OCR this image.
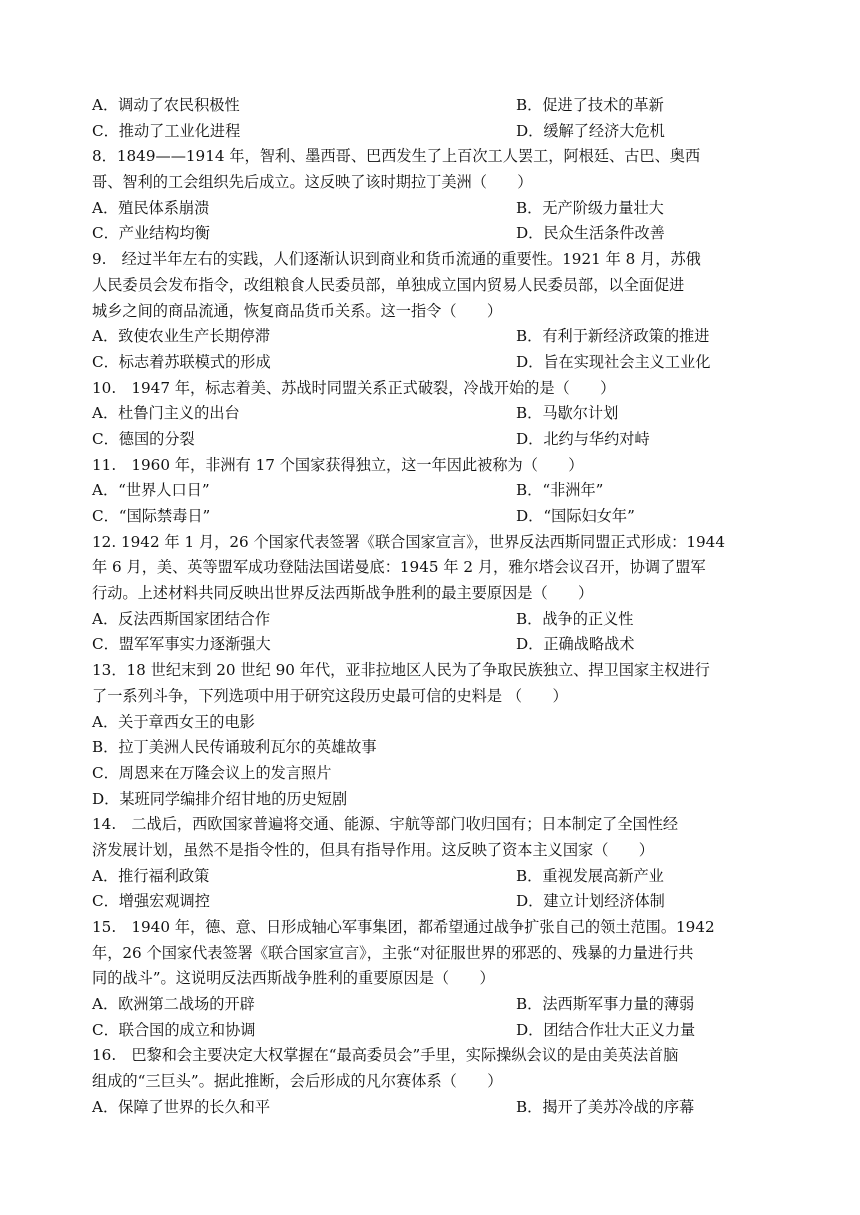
A．调动了农民积极性	B．促进了技术的革新
C．推动了工业化进程	D．缓解了经济大危机
8．1849——1914 年，智利、墨西哥、巴西发生了上百次工人罢工，阿根廷、古巴、奥西
哥、智利的工会组织先后成立。这反映了该时期拉丁美洲（　　）
A．殖民体系崩溃	B．无产阶级力量壮大
C．产业结构均衡	D．民众生活条件改善
9.　经过半年左右的实践，人们逐渐认识到商业和货币流通的重要性。1921 年 8 月，苏俄
人民委员会发布指令，改组粮食人民委员部，单独成立国内贸易人民委员部，以全面促进
城乡之间的商品流通，恢复商品货币关系。这一指令（　　）
A．致使农业生产长期停滞	B．有利于新经济政策的推进
C．标志着苏联模式的形成	D．旨在实现社会主义工业化
10.　1947 年，标志着美、苏战时同盟关系正式破裂，冷战开始的是（　　）
A．杜鲁门主义的出台	B．马歇尔计划
C．德国的分裂	D．北约与华约对峙
11.　1960 年，非洲有 17 个国家获得独立，这一年因此被称为（　　）
A．“世界人口日”	B．“非洲年”
C．“国际禁毒日”	D．“国际妇女年”
12. 1942 年 1 月，26 个国家代表签署《联合国家宣言》，世界反法西斯同盟正式形成：1944
年 6 月，美、英等盟军成功登陆法国诺曼底：1945 年 2 月，雅尔塔会议召开，协调了盟军
行动。上述材料共同反映出世界反法西斯战争胜利的最主要原因是（　　）
A．反法西斯国家团结合作	B．战争的正义性
C．盟军军事实力逐渐强大	D．正确战略战术
13．18 世纪末到 20 世纪 90 年代，亚非拉地区人民为了争取民族独立、捍卫国家主权进行
了一系列斗争，下列选项中用于研究这段历史最可信的史料是 （　　）
A．关于章西女王的电影
B．拉丁美洲人民传诵玻利瓦尔的英雄故事
C．周恩来在万隆会议上的发言照片
D．某班同学编排介绍甘地的历史短剧
14.　二战后，西欧国家普遍将交通、能源、宇航等部门收归国有；日本制定了全国性经
济发展计划，虽然不是指令性的，但具有指导作用。这反映了资本主义国家（　　）
A．推行福利政策	B．重视发展高新产业
C．增强宏观调控	D．建立计划经济体制
15.　1940 年，德、意、日形成轴心军事集团，都希望通过战争扩张自己的领土范围。1942
年，26 个国家代表签署《联合国家宣言》，主张“对征服世界的邪恶的、残暴的力量进行共
同的战斗”。这说明反法西斯战争胜利的重要原因是（　　）
A．欧洲第二战场的开辟	B．法西斯军事力量的薄弱
C．联合国的成立和协调	D．团结合作壮大正义力量
16.　巴黎和会主要决定大权掌握在“最高委员会”手里，实际操纵会议的是由美英法首脑
组成的“三巨头”。据此推断，会后形成的凡尔赛体系（　　）
A．保障了世界的长久和平	B．揭开了美苏冷战的序幕
